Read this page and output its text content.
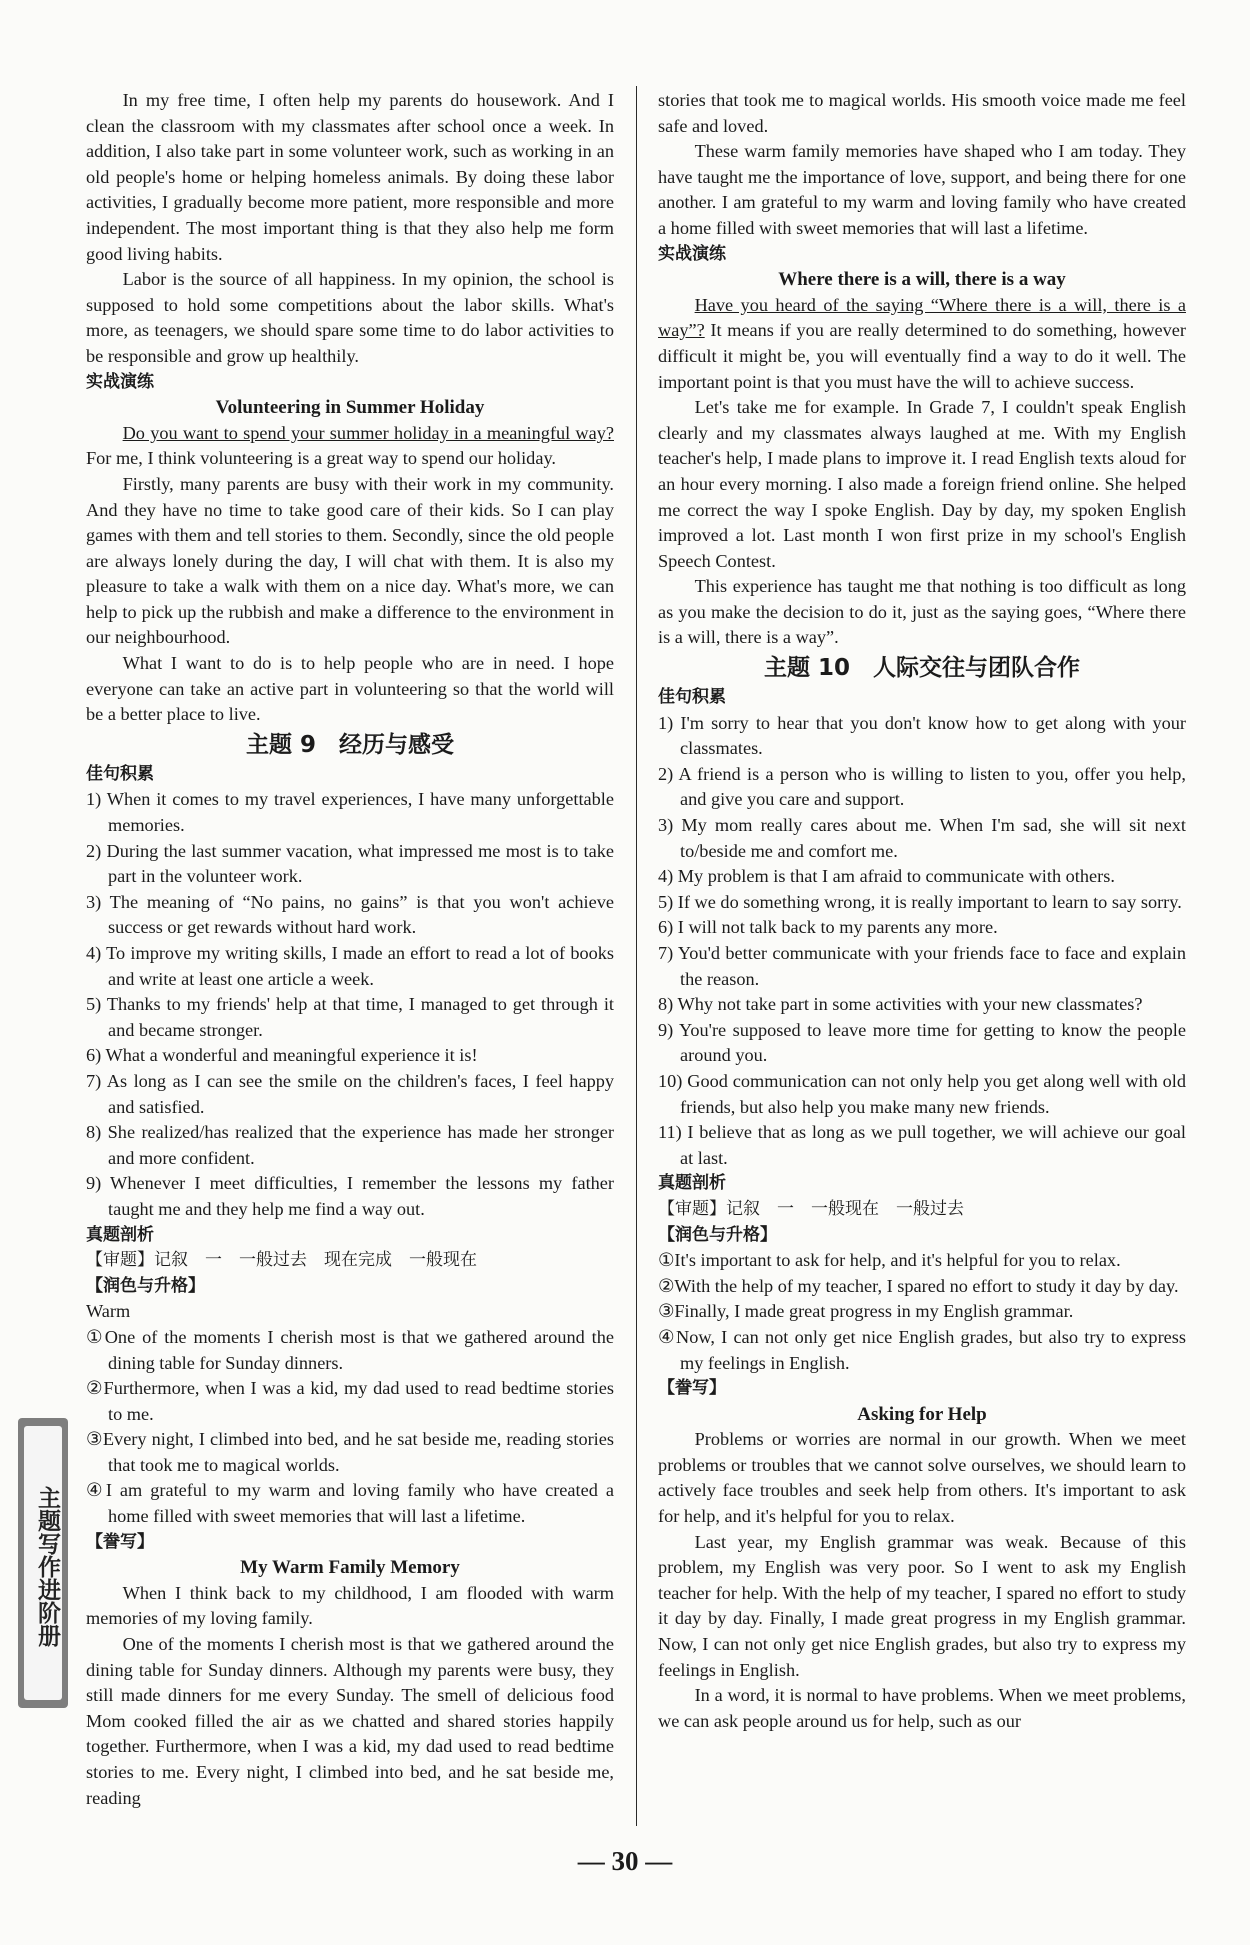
In my free time, I often help my parents do housework. And I clean the classroom with my classmates after school once a week. In addition, I also take part in some volunteer work, such as working in an old people's home or helping homeless animals. By doing these labor activities, I gradually become more patient, more responsible and more independent. The most important thing is that they also help me form good living habits.
Labor is the source of all happiness. In my opinion, the school is supposed to hold some competitions about the labor skills. What's more, as teenagers, we should spare some time to do labor activities to be responsible and grow up healthily.
实战演练
Volunteering in Summer Holiday
Do you want to spend your summer holiday in a meaningful way? For me, I think volunteering is a great way to spend our holiday.
Firstly, many parents are busy with their work in my community. And they have no time to take good care of their kids. So I can play games with them and tell stories to them. Secondly, since the old people are always lonely during the day, I will chat with them. It is also my pleasure to take a walk with them on a nice day. What's more, we can help to pick up the rubbish and make a difference to the environment in our neighbourhood.
What I want to do is to help people who are in need. I hope everyone can take an active part in volunteering so that the world will be a better place to live.
主题 9　经历与感受
佳句积累
1) When it comes to my travel experiences, I have many unforgettable memories.
2) During the last summer vacation, what impressed me most is to take part in the volunteer work.
3) The meaning of “No pains, no gains” is that you won't achieve success or get rewards without hard work.
4) To improve my writing skills, I made an effort to read a lot of books and write at least one article a week.
5) Thanks to my friends' help at that time, I managed to get through it and became stronger.
6) What a wonderful and meaningful experience it is!
7) As long as I can see the smile on the children's faces, I feel happy and satisfied.
8) She realized/has realized that the experience has made her stronger and more confident.
9) Whenever I meet difficulties, I remember the lessons my father taught me and they help me find a way out.
真题剖析
【审题】记叙　一　一般过去　现在完成　一般现在
【润色与升格】
Warm
①One of the moments I cherish most is that we gathered around the dining table for Sunday dinners.
②Furthermore, when I was a kid, my dad used to read bedtime stories to me.
③Every night, I climbed into bed, and he sat beside me, reading stories that took me to magical worlds.
④I am grateful to my warm and loving family who have created a home filled with sweet memories that will last a lifetime.
【誊写】
My Warm Family Memory
When I think back to my childhood, I am flooded with warm memories of my loving family.
One of the moments I cherish most is that we gathered around the dining table for Sunday dinners. Although my parents were busy, they still made dinners for me every Sunday. The smell of delicious food Mom cooked filled the air as we chatted and shared stories happily together. Furthermore, when I was a kid, my dad used to read bedtime stories to me. Every night, I climbed into bed, and he sat beside me, reading
stories that took me to magical worlds. His smooth voice made me feel safe and loved.
These warm family memories have shaped who I am today. They have taught me the importance of love, support, and being there for one another. I am grateful to my warm and loving family who have created a home filled with sweet memories that will last a lifetime.
实战演练
Where there is a will, there is a way
Have you heard of the saying “Where there is a will, there is a way”? It means if you are really determined to do something, however difficult it might be, you will eventually find a way to do it well. The important point is that you must have the will to achieve success.
Let's take me for example. In Grade 7, I couldn't speak English clearly and my classmates always laughed at me. With my English teacher's help, I made plans to improve it. I read English texts aloud for an hour every morning. I also made a foreign friend online. She helped me correct the way I spoke English. Day by day, my spoken English improved a lot. Last month I won first prize in my school's English Speech Contest.
This experience has taught me that nothing is too difficult as long as you make the decision to do it, just as the saying goes, “Where there is a will, there is a way”.
主题 10　人际交往与团队合作
佳句积累
1) I'm sorry to hear that you don't know how to get along with your classmates.
2) A friend is a person who is willing to listen to you, offer you help, and give you care and support.
3) My mom really cares about me. When I'm sad, she will sit next to/beside me and comfort me.
4) My problem is that I am afraid to communicate with others.
5) If we do something wrong, it is really important to learn to say sorry.
6) I will not talk back to my parents any more.
7) You'd better communicate with your friends face to face and explain the reason.
8) Why not take part in some activities with your new classmates?
9) You're supposed to leave more time for getting to know the people around you.
10) Good communication can not only help you get along well with old friends, but also help you make many new friends.
11) I believe that as long as we pull together, we will achieve our goal at last.
真题剖析
【审题】记叙　一　一般现在　一般过去
【润色与升格】
①It's important to ask for help, and it's helpful for you to relax.
②With the help of my teacher, I spared no effort to study it day by day.
③Finally, I made great progress in my English grammar.
④Now, I can not only get nice English grades, but also try to express my feelings in English.
【誊写】
Asking for Help
Problems or worries are normal in our growth. When we meet problems or troubles that we cannot solve ourselves, we should learn to actively face troubles and seek help from others. It's important to ask for help, and it's helpful for you to relax.
Last year, my English grammar was weak. Because of this problem, my English was very poor. So I went to ask my English teacher for help. With the help of my teacher, I spared no effort to study it day by day. Finally, I made great progress in my English grammar. Now, I can not only get nice English grades, but also try to express my feelings in English.
In a word, it is normal to have problems. When we meet problems, we can ask people around us for help, such as our
主题写作进阶册
— 30 —
